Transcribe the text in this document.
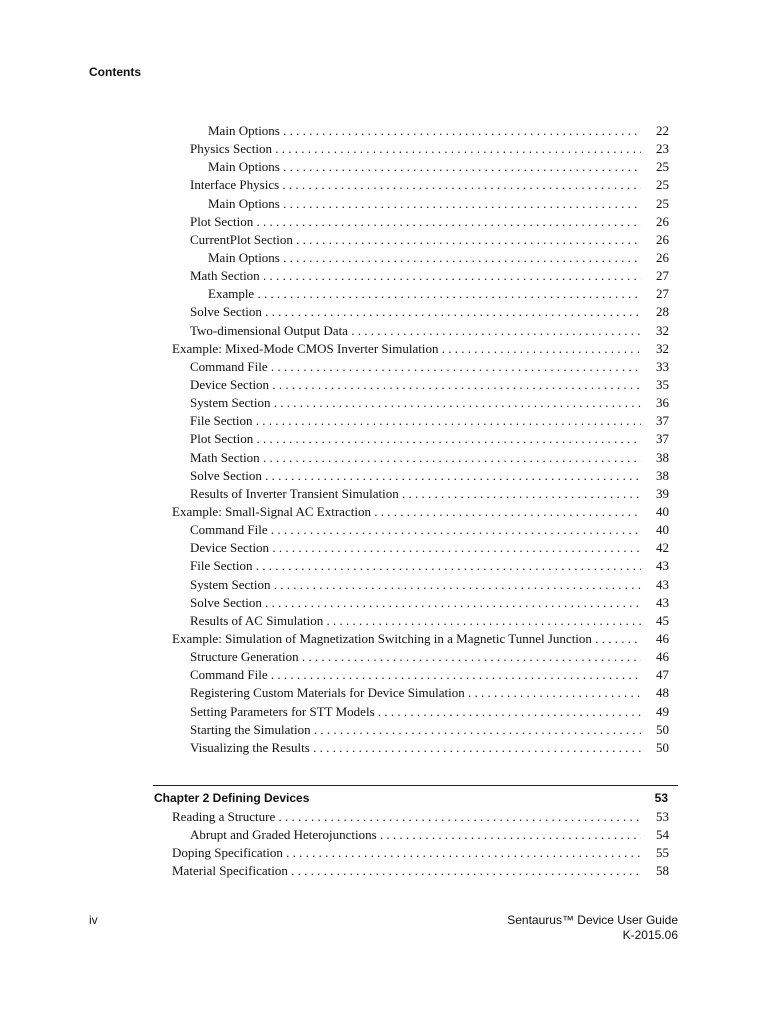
Contents
Main Options . . .	22
Physics Section . . .	23
Main Options . . .	25
Interface Physics . . .	25
Main Options . . .	25
Plot Section . . .	26
CurrentPlot Section . . .	26
Main Options . . .	26
Math Section . . .	27
Example . . .	27
Solve Section . . .	28
Two-dimensional Output Data . . .	32
Example: Mixed-Mode CMOS Inverter Simulation . . .	32
Command File . . .	33
Device Section . . .	35
System Section . . .	36
File Section . . .	37
Plot Section . . .	37
Math Section . . .	38
Solve Section . . .	38
Results of Inverter Transient Simulation . . .	39
Example: Small-Signal AC Extraction . . .	40
Command File . . .	40
Device Section . . .	42
File Section . . .	43
System Section . . .	43
Solve Section . . .	43
Results of AC Simulation . . .	45
Example: Simulation of Magnetization Switching in a Magnetic Tunnel Junction . . .	46
Structure Generation . . .	46
Command File . . .	47
Registering Custom Materials for Device Simulation . . .	48
Setting Parameters for STT Models . . .	49
Starting the Simulation . . .	50
Visualizing the Results . . .	50
Chapter 2 Defining Devices	53
Reading a Structure . . .	53
Abrupt and Graded Heterojunctions . . .	54
Doping Specification . . .	55
Material Specification . . .	58
iv	Sentaurus™ Device User Guide
K-2015.06
